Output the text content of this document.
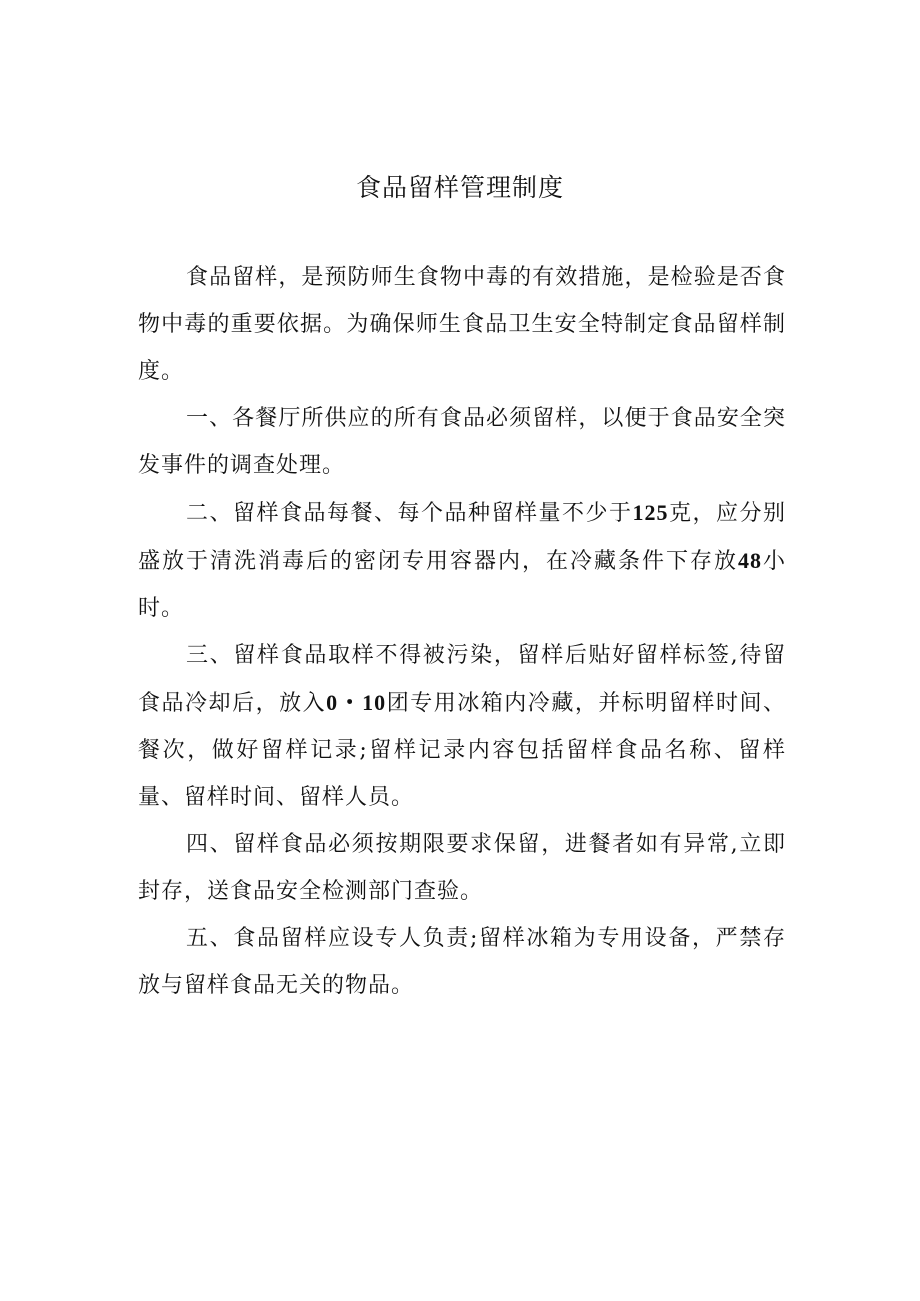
食品留样管理制度

食品留样，是预防师生食物中毒的有效措施，是检验是否食物中毒的重要依据。为确保师生食品卫生安全特制定食品留样制度。

一、各餐厅所供应的所有食品必须留样，以便于食品安全突发事件的调查处理。

二、留样食品每餐、每个品种留样量不少于125克，应分别盛放于清洗消毒后的密闭专用容器内，在冷藏条件下存放48小时。

三、留样食品取样不得被污染，留样后贴好留样标签,待留食品冷却后，放入0・10团专用冰箱内冷藏，并标明留样时间、餐次，做好留样记录;留样记录内容包括留样食品名称、留样量、留样时间、留样人员。

四、留样食品必须按期限要求保留，进餐者如有异常,立即封存，送食品安全检测部门查验。

五、食品留样应设专人负责;留样冰箱为专用设备，严禁存放与留样食品无关的物品。
